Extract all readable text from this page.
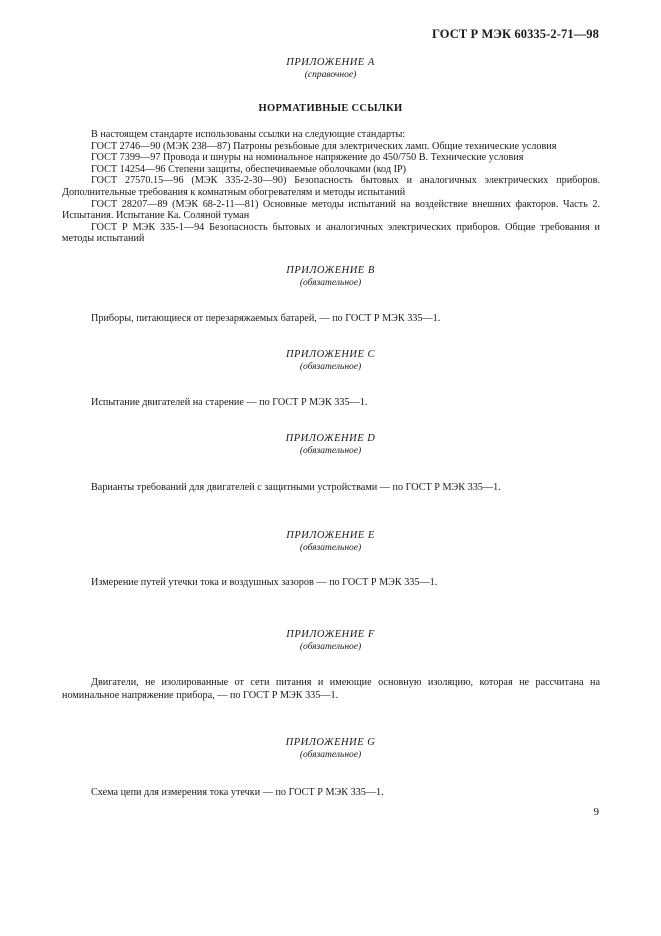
ГОСТ Р МЭК 60335-2-71—98
ПРИЛОЖЕНИЕ А
(справочное)
НОРМАТИВНЫЕ ССЫЛКИ

В настоящем стандарте использованы ссылки на следующие стандарты:

ГОСТ 2746—90 (МЭК 238—87) Патроны резьбовые для электрических ламп. Общие технические условия

ГОСТ 7399—97 Провода и шнуры на номинальное напряжение до 450/750 В. Технические условия

ГОСТ 14254—96 Степени защиты, обеспечиваемые оболочками (код IP)

ГОСТ 27570.15—96 (МЭК 335-2-30—90) Безопасность бытовых и аналогичных электрических приборов. Дополнительные требования к комнатным обогревателям и методы испытаний

ГОСТ 28207—89 (МЭК 68-2-11—81) Основные методы испытаний на воздействие внешних факторов. Часть 2. Испытания. Испытание Ка. Соляной туман

ГОСТ Р МЭК 335-1—94 Безопасность бытовых и аналогичных электрических приборов. Общие требования и методы испытаний

ПРИЛОЖЕНИЕ В
(обязательное)

Приборы, питающиеся от перезаряжаемых батарей, — по ГОСТ Р МЭК 335—1.

ПРИЛОЖЕНИЕ С
(обязательное)

Испытание двигателей на старение — по ГОСТ Р МЭК 335—1.

ПРИЛОЖЕНИЕ D
(обязательное)

Варианты требований для двигателей с защитными устройствами — по ГОСТ Р МЭК 335—1.

ПРИЛОЖЕНИЕ Е
(обязательное)

Измерение путей утечки тока и воздушных зазоров — по ГОСТ Р МЭК 335—1.

ПРИЛОЖЕНИЕ F
(обязательное)

Двигатели, не изолированные от сети питания и имеющие основную изоляцию, которая не рассчитана на номинальное напряжение прибора, — по ГОСТ Р МЭК 335—1.

ПРИЛОЖЕНИЕ G
(обязательное)

Схема цепи для измерения тока утечки — по ГОСТ Р МЭК 335—1.

9
